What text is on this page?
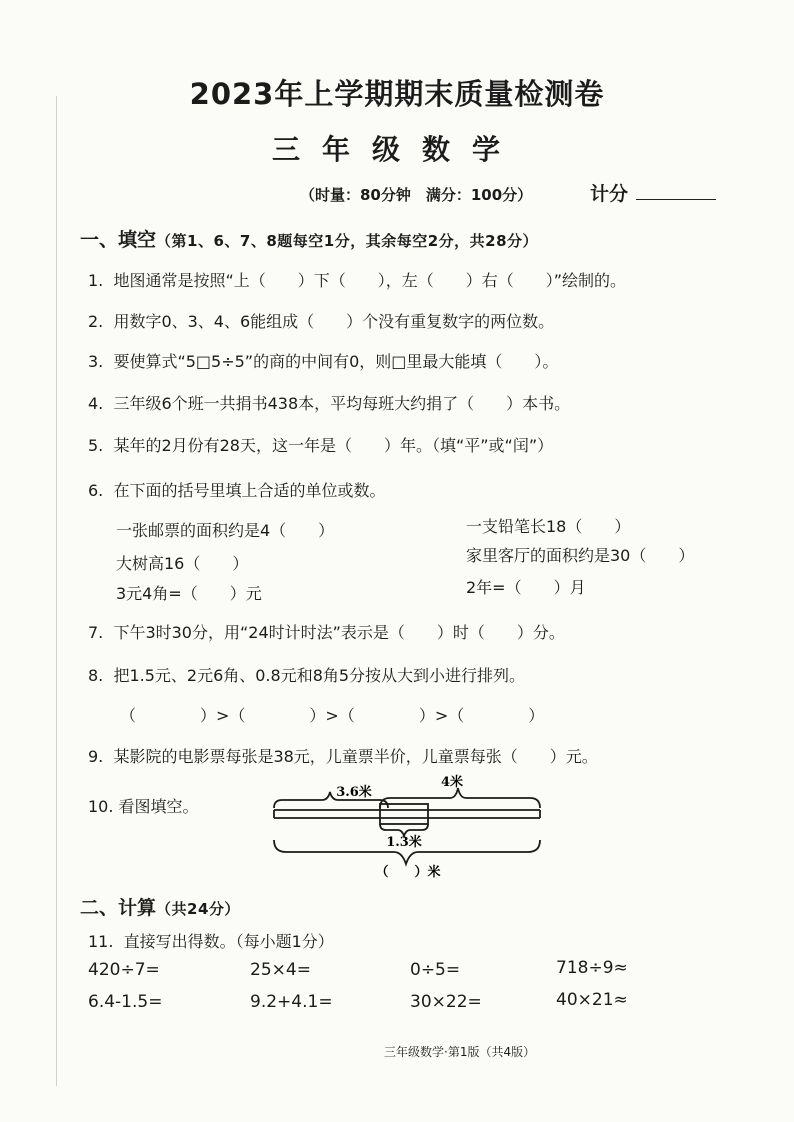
2023年上学期期末质量检测卷
三年级数学
（时量：80分钟　满分：100分）	计分
一、填空（第1、6、7、8题每空1分，其余每空2分，共28分）
1.  地图通常是按照“上（　　）下（　　），左（　　）右（　　）”绘制的。
2.  用数字0、3、4、6能组成（　　）个没有重复数字的两位数。
3.  要使算式“5□5÷5”的商的中间有0，则□里最大能填（　　）。
4.  三年级6个班一共捐书438本，平均每班大约捐了（　　）本书。
5.  某年的2月份有28天，这一年是（　　）年。（填“平”或“闰”）
6.  在下面的括号里填上合适的单位或数。
一张邮票的面积约是4（　　）	一支铅笔长18（　　）
大树高16（　　）	家里客厅的面积约是30（　　）
3元4角=（　　）元	2年=（　　）月
7.  下午3时30分，用“24时计时法”表示是（　　）时（　　）分。
8.  把1.5元、2元6角、0.8元和8角5分按从大到小进行排列。
（　　　　）>（　　　　）>（　　　　）>（　　　　）
9.  某影院的电影票每张是38元，儿童票半价，儿童票每张（　　）元。
10. 看图填空。
3.6米
4米
1.3米
（　　）米
二、计算（共24分）
11.  直接写出得数。（每小题1分）
420÷7=	25×4=	0÷5=	718÷9≈
6.4-1.5=	9.2+4.1=	30×22=	40×21≈
三年级数学·第1版（共4版）
